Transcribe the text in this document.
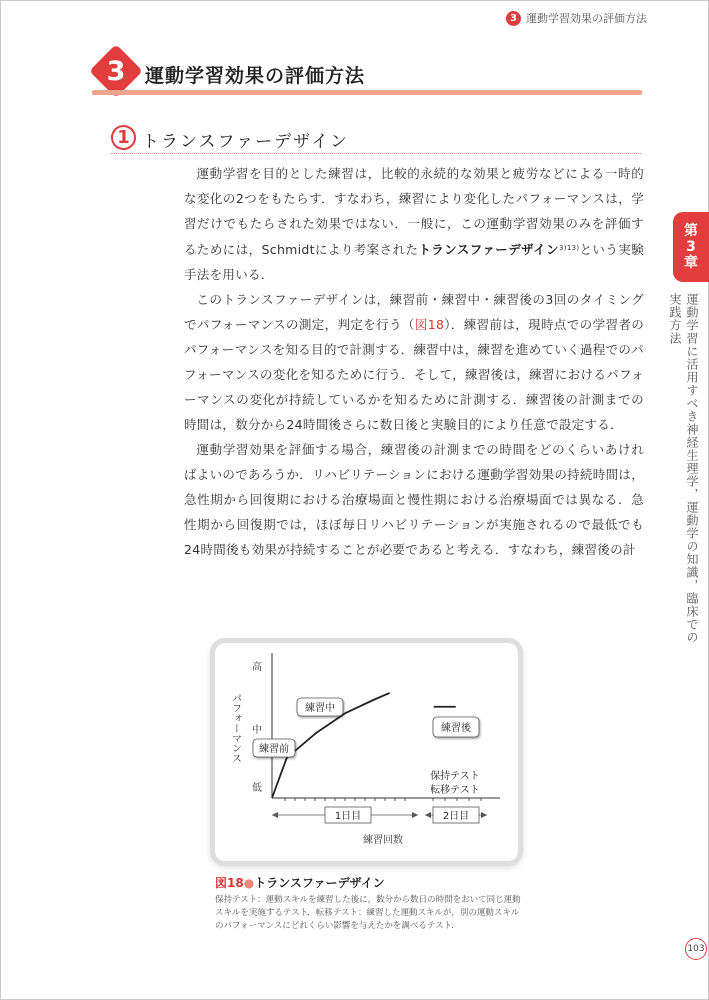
3 運動学習効果の評価方法
3	運動学習効果の評価方法
1 トランスファーデザイン

運動学習を目的とした練習は，比較的永続的な効果と疲労などによる一時的な変化の2つをもたらす．すなわち，練習により変化したパフォーマンスは，学習だけでもたらされた効果ではない．一般に，この運動学習効果のみを評価するためには，Schmidtにより考案されたトランスファーデザイン$^{3)13)}$という実験手法を用いる．

このトランスファーデザインは，練習前・練習中・練習後の3回のタイミングでパフォーマンスの測定，判定を行う（図18）．練習前は，現時点での学習者のパフォーマンスを知る目的で計測する．練習中は，練習を進めていく過程でのパフォーマンスの変化を知るために行う．そして，練習後は，練習におけるパフォーマンスの変化が持続しているかを知るために計測する．練習後の計測までの時間は，数分から24時間後さらに数日後と実験目的により任意で設定する．

運動学習効果を評価する場合，練習後の計測までの時間をどのくらいあければよいのであろうか．リハビリテーションにおける運動学習効果の持続時間は，急性期から回復期における治療場面と慢性期における治療場面では異なる．急性期から回復期では，ほぼ毎日リハビリテーションが実施されるので最低でも24時間後も効果が持続することが必要であると考える．すなわち，練習後の計

第
3
章
運動学習に活用すべき神経生理学，運動学の知識，臨床での実践方法
高
中
低
パフォーマンス 練習前
練習中
練習後
保持テスト
転移テスト
1日目	2日目
練習回数
図18●トランスファーデザイン
保持テスト：運動スキルを練習した後に，数分から数日の時間をおいて同じ運動スキルを実施するテスト．転移テスト：練習した運動スキルが，別の運動スキルのパフォーマンスにどれくらい影響を与えたかを調べるテスト．
103
